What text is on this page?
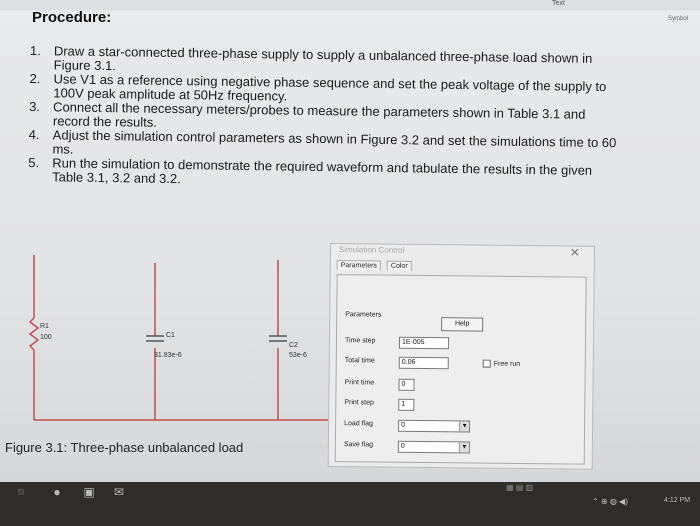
Text
Symbol
Procedure:
1. Draw a star-connected three-phase supply to supply a unbalanced three-phase load shown in Figure 3.1.
2. Use V1 as a reference using negative phase sequence and set the peak voltage of the supply to 100V peak amplitude at 50Hz frequency.
3. Connect all the necessary meters/probes to measure the parameters shown in Table 3.1 and record the results.
4. Adjust the simulation control parameters as shown in Figure 3.2 and set the simulations time to 60 ms.
5. Run the simulation to demonstrate the required waveform and tabulate the results in the given Table 3.1, 3.2 and 3.2.
R1
100	C1
31.83e-6
C2
53e-6
Figure 3.1: Three-phase unbalanced load
Simulation Control	✕
Parameters	Color
Parameters
Help
Time step	1E-005
Total time	0.06	Free run
Print time	0
Print step	1
Load flag	0	▼
Save flag	0	▼
◾	●	▣	✉	▦ ▤ ▥
⌃ ⊕ ◍ ◀)	4:12 PM
